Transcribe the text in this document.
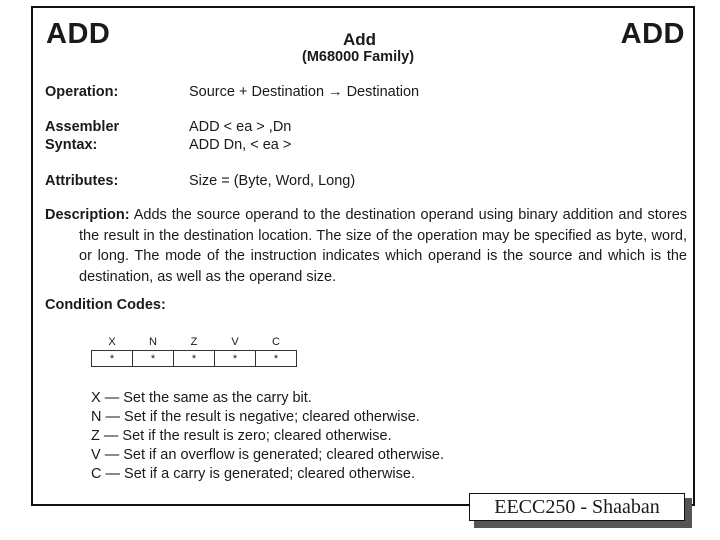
ADD	ADD
Add
(M68000 Family)
Operation:	Source + Destination → Destination
Assembler
Syntax:
ADD < ea > ,Dn
ADD Dn, < ea >
Attributes:	Size = (Byte, Word, Long)
Description: Adds the source operand to the destination operand using binary addition and stores the result in the destination location. The size of the operation may be specified as byte, word, or long. The mode of the instruction indicates which operand is the source and which is the destination, as well as the operand size.
Condition Codes:
X	N	Z	V	C
*	*	*	*	*
X — Set the same as the carry bit.
N — Set if the result is negative; cleared otherwise.
Z — Set if the result is zero; cleared otherwise.
V — Set if an overflow is generated; cleared otherwise.
C — Set if a carry is generated; cleared otherwise.
EECC250 - Shaaban
